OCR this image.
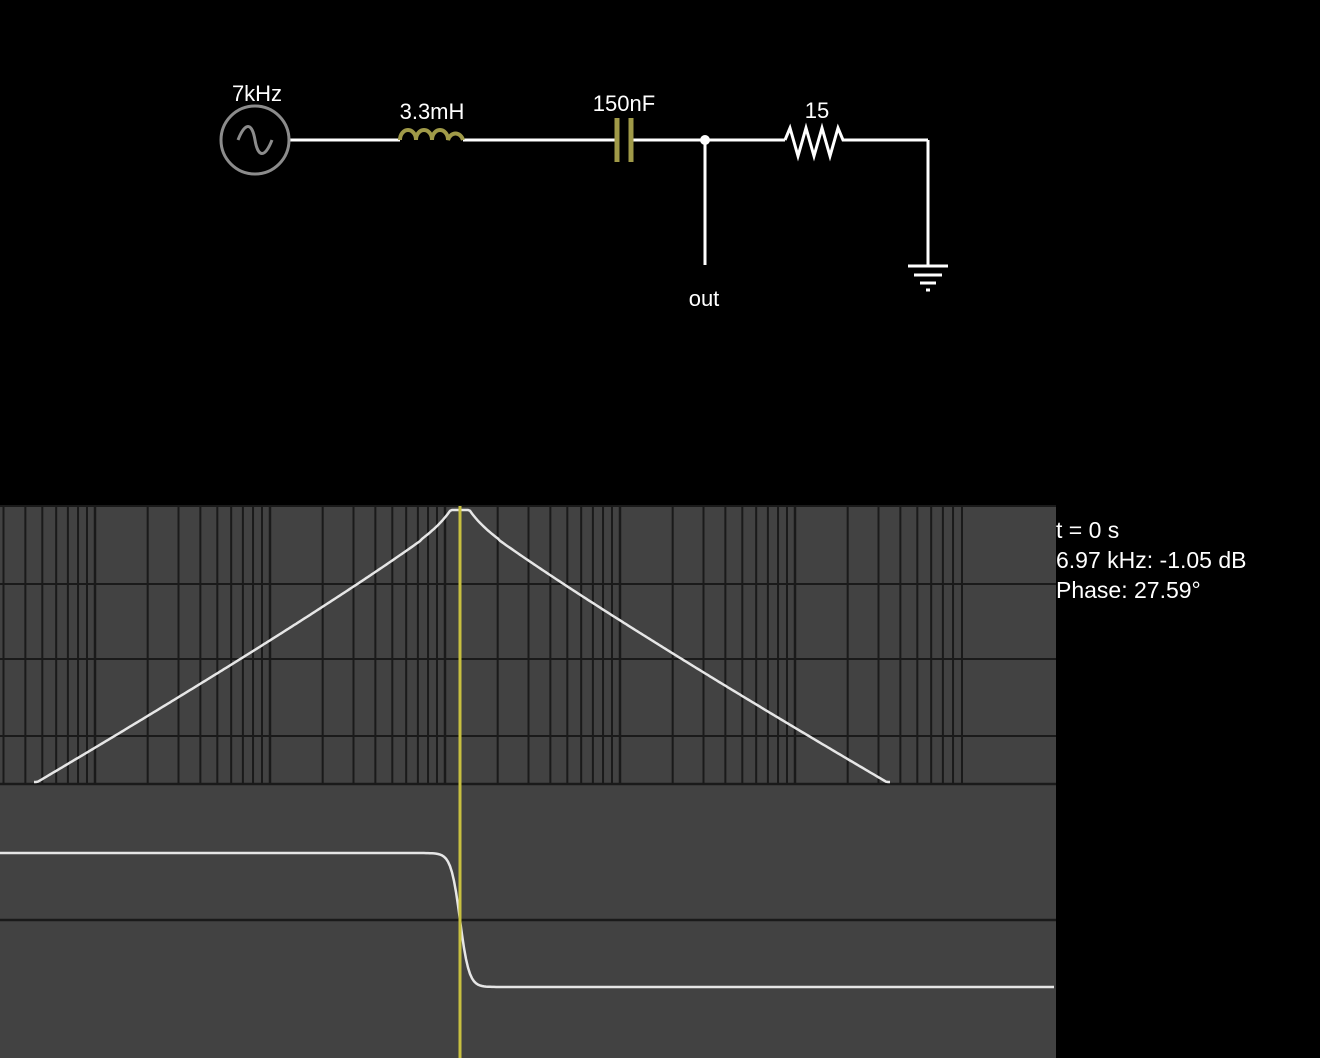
7kHz
3.3mH	150nF	15
out
t = 0 s
6.97 kHz: -1.05 dB
Phase: 27.59°
